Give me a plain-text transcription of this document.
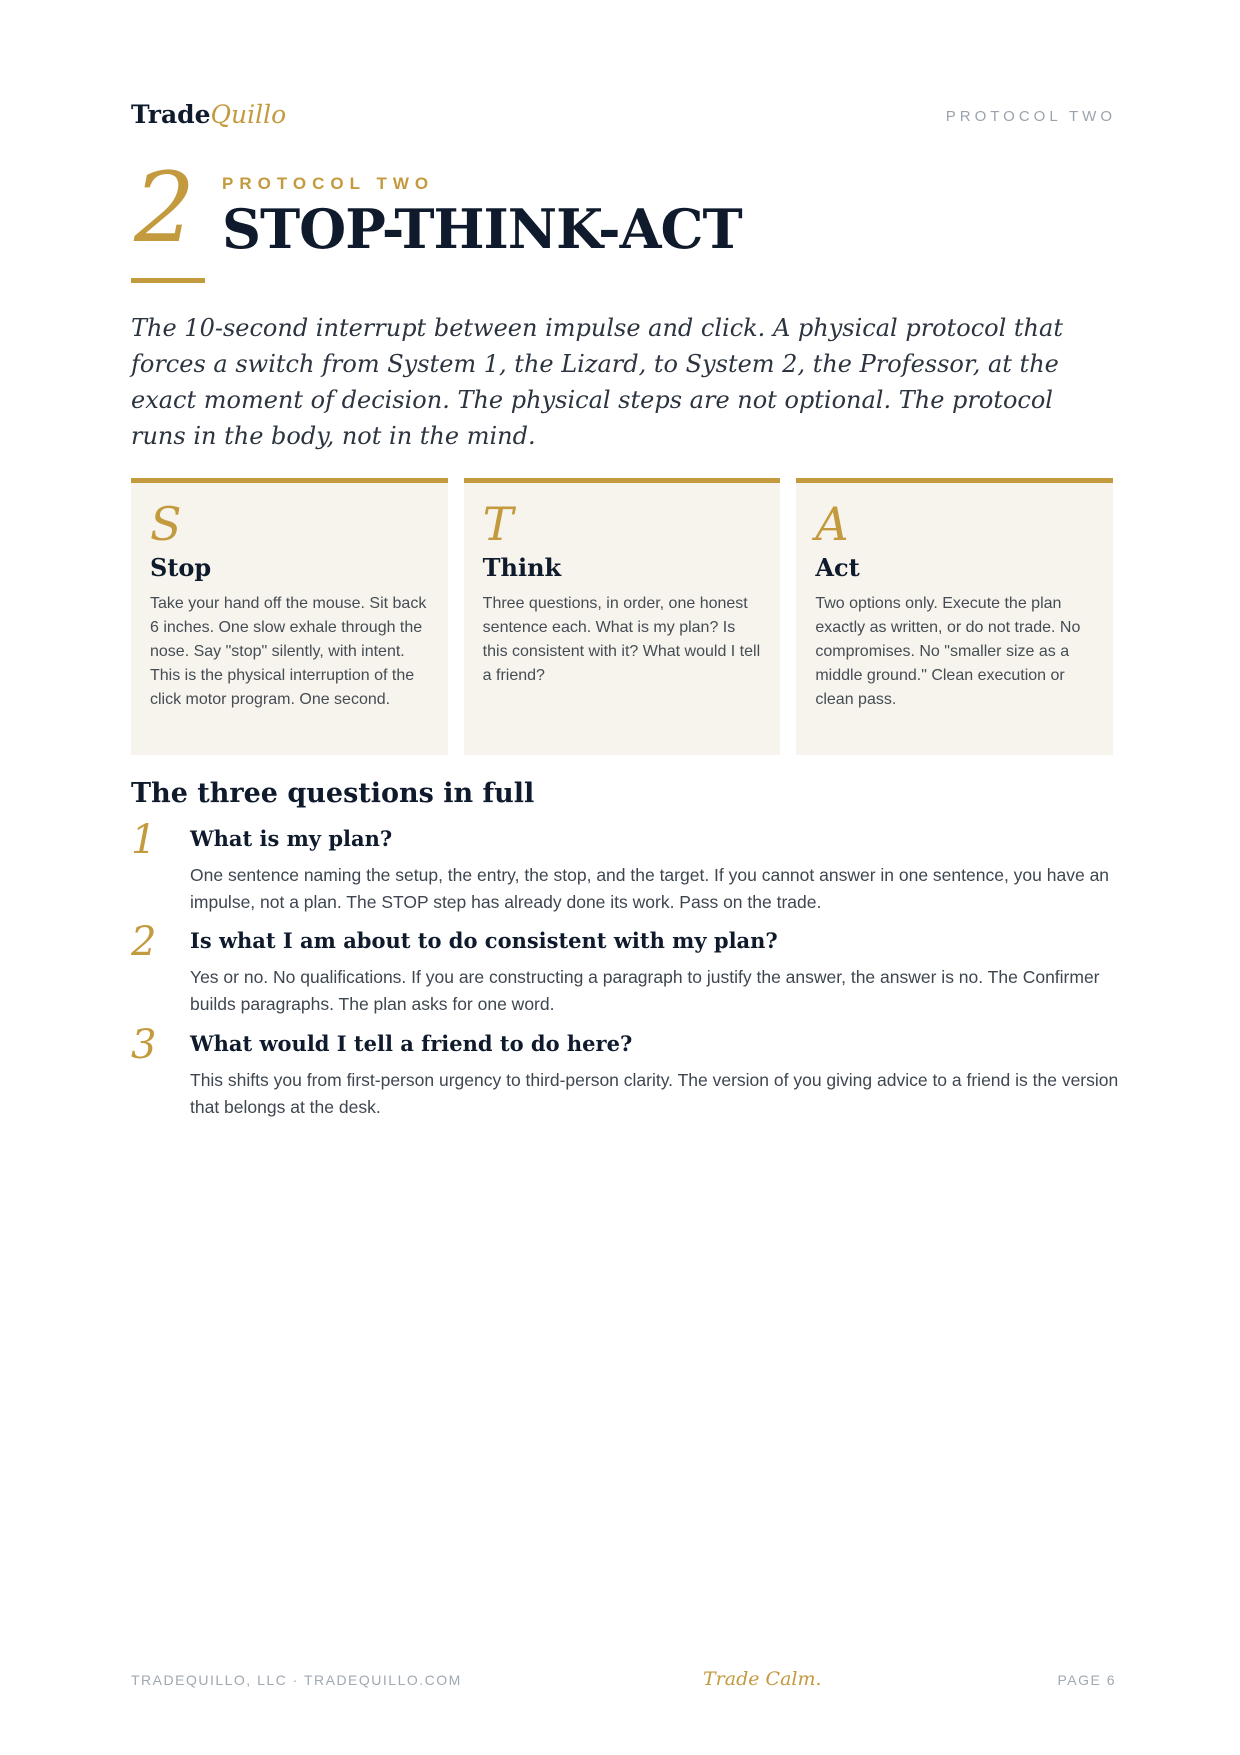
TradeQuillo	PROTOCOL TWO
2 PROTOCOL TWO
STOP-THINK-ACT
The 10-second interrupt between impulse and click. A physical protocol that forces a switch from System 1, the Lizard, to System 2, the Professor, at the exact moment of decision. The physical steps are not optional. The protocol runs in the body, not in the mind.
S
Stop
Take your hand off the mouse. Sit back 6 inches. One slow exhale through the nose. Say "stop" silently, with intent. This is the physical interruption of the click motor program. One second.
T
Think
Three questions, in order, one honest sentence each. What is my plan? Is this consistent with it? What would I tell a friend?
A
Act
Two options only. Execute the plan exactly as written, or do not trade. No compromises. No "smaller size as a middle ground." Clean execution or clean pass.
The three questions in full
1 What is my plan?
One sentence naming the setup, the entry, the stop, and the target. If you cannot answer in one sentence, you have an impulse, not a plan. The STOP step has already done its work. Pass on the trade.
2 Is what I am about to do consistent with my plan?
Yes or no. No qualifications. If you are constructing a paragraph to justify the answer, the answer is no. The Confirmer builds paragraphs. The plan asks for one word.
3 What would I tell a friend to do here?
This shifts you from first-person urgency to third-person clarity. The version of you giving advice to a friend is the version that belongs at the desk.
TRADEQUILLO, LLC · TRADEQUILLO.COM	Trade Calm.	PAGE 6
